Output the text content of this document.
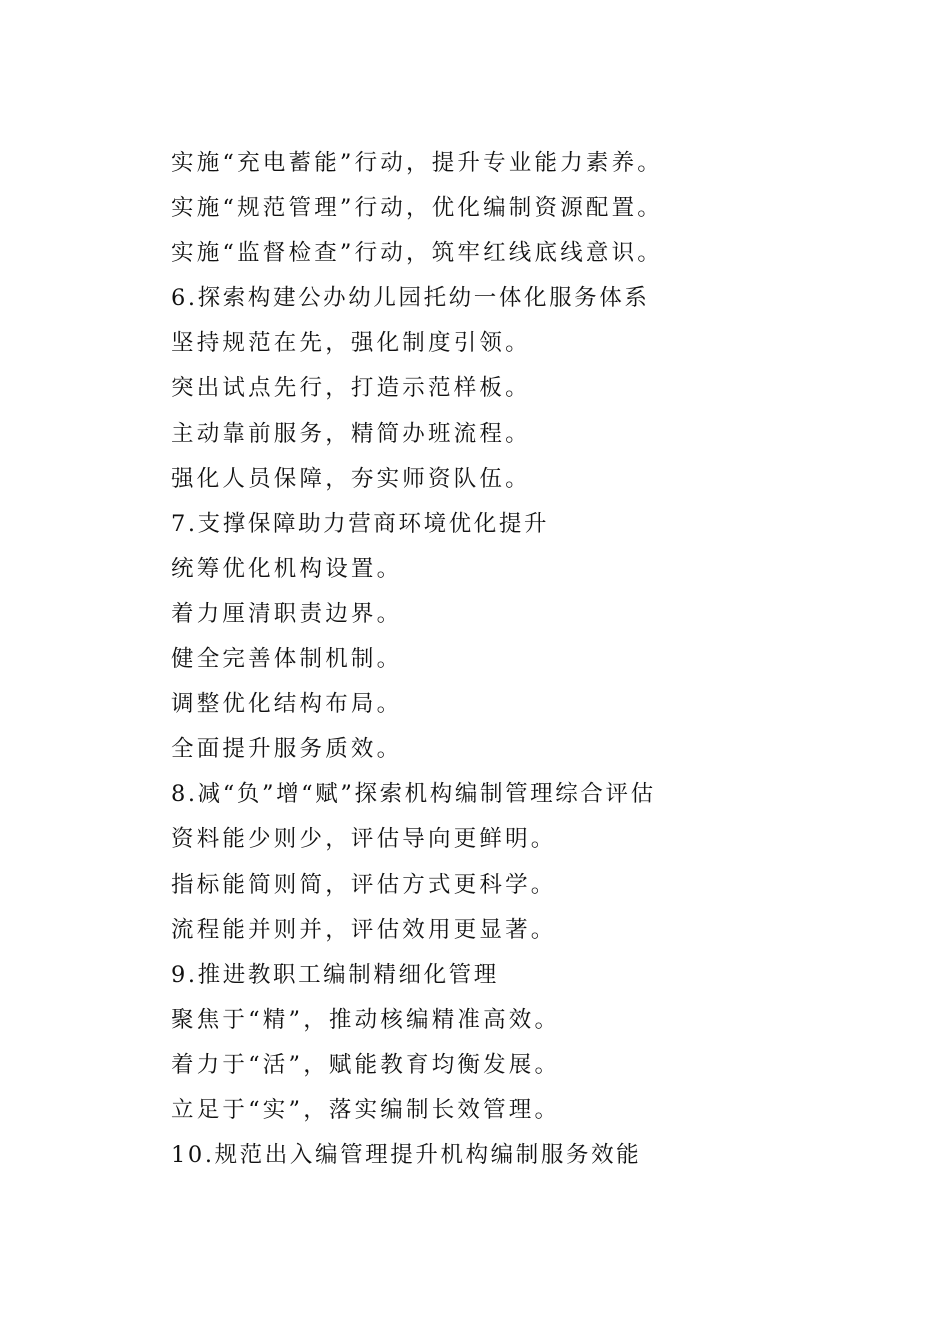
实施“充电蓄能”行动，提升专业能力素养。
实施“规范管理”行动，优化编制资源配置。
实施“监督检查”行动，筑牢红线底线意识。
6.探索构建公办幼儿园托幼一体化服务体系
坚持规范在先，强化制度引领。
突出试点先行，打造示范样板。
主动靠前服务，精简办班流程。
强化人员保障，夯实师资队伍。
7.支撑保障助力营商环境优化提升
统筹优化机构设置。
着力厘清职责边界。
健全完善体制机制。
调整优化结构布局。
全面提升服务质效。
8.减“负”增“赋”探索机构编制管理综合评估
资料能少则少，评估导向更鲜明。
指标能简则简，评估方式更科学。
流程能并则并，评估效用更显著。
9.推进教职工编制精细化管理
聚焦于“精”，推动核编精准高效。
着力于“活”，赋能教育均衡发展。
立足于“实”，落实编制长效管理。
10.规范出入编管理提升机构编制服务效能
